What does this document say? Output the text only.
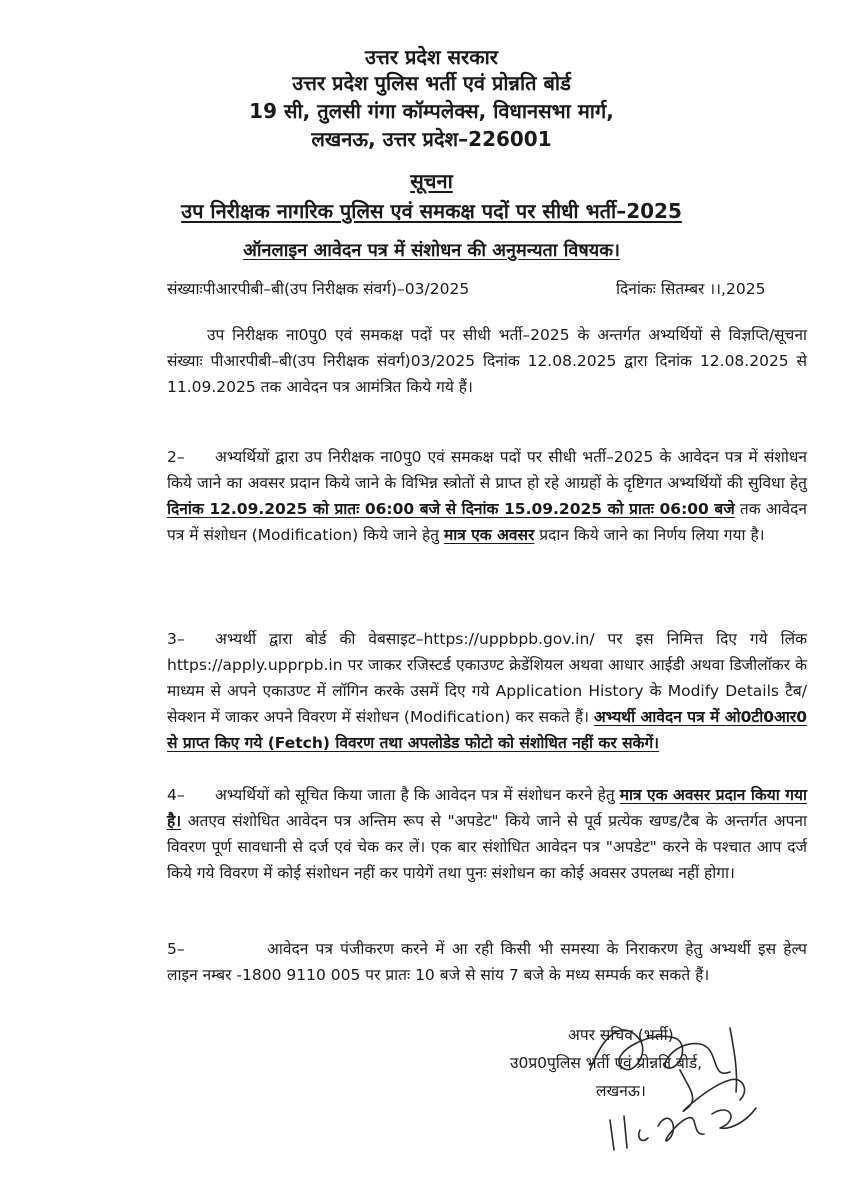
उत्तर प्रदेश सरकार
उत्तर प्रदेश पुलिस भर्ती एवं प्रोन्नति बोर्ड
19 सी, तुलसी गंगा कॉम्पलेक्स, विधानसभा मार्ग,
लखनऊ, उत्तर प्रदेश–226001
सूचना
उप निरीक्षक नागरिक पुलिस एवं समकक्ष पदों पर सीधी भर्ती–2025
ऑनलाइन आवेदन पत्र में संशोधन की अनुमन्यता विषयक।
संख्याःपीआरपीबी–बी(उप निरीक्षक संवर्ग)–03/2025	दिनांकः सितम्बर ।।,2025
उप निरीक्षक ना0पु0 एवं समकक्ष पदों पर सीधी भर्ती–2025 के अन्तर्गत अभ्यर्थियों से विज्ञप्ति/सूचना संख्याः पीआरपीबी–बी(उप निरीक्षक संवर्ग)03/2025 दिनांक 12.08.2025 द्वारा दिनांक 12.08.2025 से 11.09.2025 तक आवेदन पत्र आमंत्रित किये गये हैं।
2– अभ्यर्थियों द्वारा उप निरीक्षक ना0पु0 एवं समकक्ष पदों पर सीधी भर्ती–2025 के आवेदन पत्र में संशोधन किये जाने का अवसर प्रदान किये जाने के विभिन्न स्त्रोतों से प्राप्त हो रहे आग्रहों के दृष्टिगत अभ्यर्थियों की सुविधा हेतु दिनांक 12.09.2025 को प्रातः 06:00 बजे से दिनांक 15.09.2025 को प्रातः 06:00 बजे तक आवेदन पत्र में संशोधन (Modification) किये जाने हेतु मात्र एक अवसर प्रदान किये जाने का निर्णय लिया गया है।
3– अभ्यर्थी द्वारा बोर्ड की वेबसाइट–https://uppbpb.gov.in/ पर इस निमित्त दिए गये लिंक https://apply.upprpb.in पर जाकर रजिस्टर्ड एकाउण्ट क्रेडेंशियल अथवा आधार आईडी अथवा डिजीलॉकर के माध्यम से अपने एकाउण्ट में लॉगिन करके उसमें दिए गये Application History के Modify Details टैब/सेक्शन में जाकर अपने विवरण में संशोधन (Modification) कर सकते हैं। अभ्यर्थी आवेदन पत्र में ओ0टी0आर0 से प्राप्त किए गये (Fetch) विवरण तथा अपलोडेड फोटो को संशोधित नहीं कर सकेगें।
4– अभ्यर्थियों को सूचित किया जाता है कि आवेदन पत्र में संशोधन करने हेतु मात्र एक अवसर प्रदान किया गया है। अतएव संशोधित आवेदन पत्र अन्तिम रूप से "अपडेट" किये जाने से पूर्व प्रत्येक खण्ड/टैब के अन्तर्गत अपना विवरण पूर्ण सावधानी से दर्ज एवं चेक कर लें। एक बार संशोधित आवेदन पत्र "अपडेट" करने के पश्चात आप दर्ज किये गये विवरण में कोई संशोधन नहीं कर पायेगें तथा पुनः संशोधन का कोई अवसर उपलब्ध नहीं होगा।
5–	आवेदन पत्र पंजीकरण करने में आ रही किसी भी समस्या के निराकरण हेतु अभ्यर्थी इस हेल्प लाइन नम्बर -1800 9110 005 पर प्रातः 10 बजे से सांय 7 बजे के मध्य सम्पर्क कर सकते हैं।
अपर सचिव (भर्ती)
उ0प्र0पुलिस भर्ती एवं प्रोन्नति बोर्ड,
लखनऊ।
